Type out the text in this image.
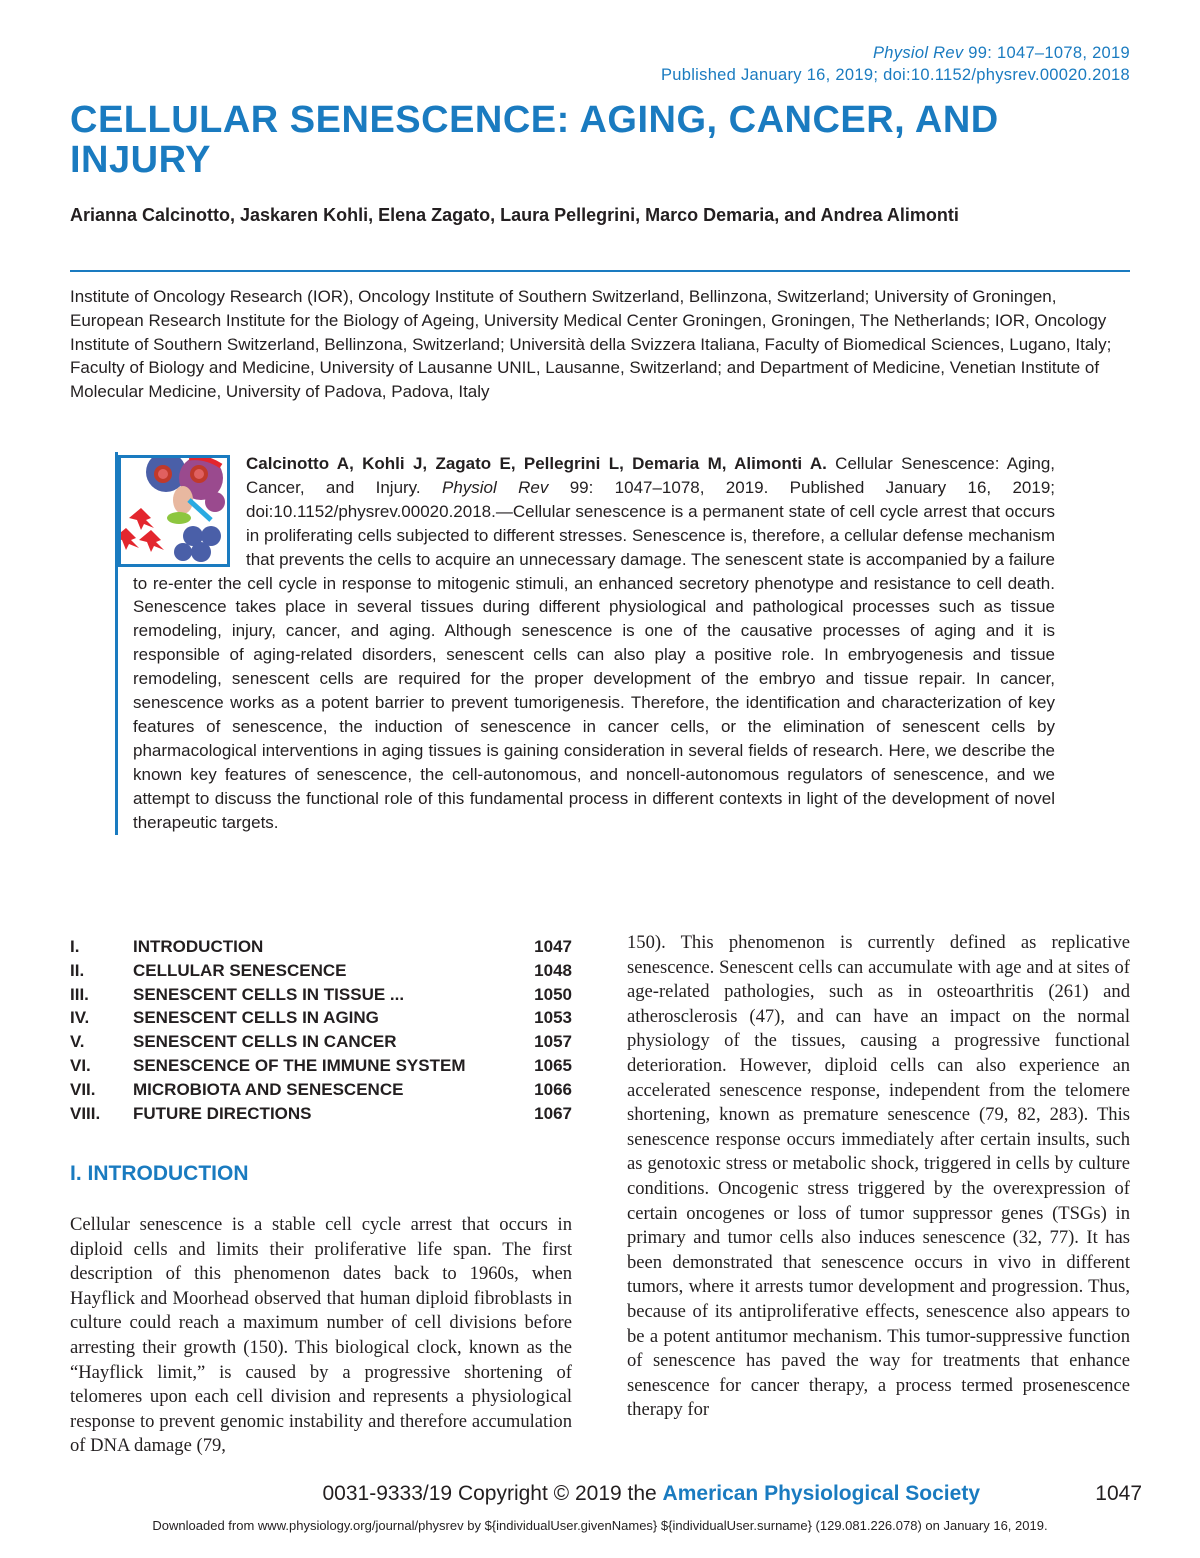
Physiol Rev 99: 1047–1078, 2019
Published January 16, 2019; doi:10.1152/physrev.00020.2018
CELLULAR SENESCENCE: AGING, CANCER, AND INJURY
Arianna Calcinotto, Jaskaren Kohli, Elena Zagato, Laura Pellegrini, Marco Demaria, and Andrea Alimonti
Institute of Oncology Research (IOR), Oncology Institute of Southern Switzerland, Bellinzona, Switzerland; University of Groningen, European Research Institute for the Biology of Ageing, University Medical Center Groningen, Groningen, The Netherlands; IOR, Oncology Institute of Southern Switzerland, Bellinzona, Switzerland; Università della Svizzera Italiana, Faculty of Biomedical Sciences, Lugano, Italy; Faculty of Biology and Medicine, University of Lausanne UNIL, Lausanne, Switzerland; and Department of Medicine, Venetian Institute of Molecular Medicine, University of Padova, Padova, Italy
Calcinotto A, Kohli J, Zagato E, Pellegrini L, Demaria M, Alimonti A. Cellular Senescence: Aging, Cancer, and Injury. Physiol Rev 99: 1047–1078, 2019. Published January 16, 2019; doi:10.1152/physrev.00020.2018.—Cellular senescence is a permanent state of cell cycle arrest that occurs in proliferating cells subjected to different stresses. Senescence is, therefore, a cellular defense mechanism that prevents the cells to acquire an unnecessary damage. The senescent state is accompanied by a failure to re-enter the cell cycle in response to mitogenic stimuli, an enhanced secretory phenotype and resistance to cell death. Senescence takes place in several tissues during different physiological and pathological processes such as tissue remodeling, injury, cancer, and aging. Although senescence is one of the causative processes of aging and it is responsible of aging-related disorders, senescent cells can also play a positive role. In embryogenesis and tissue remodeling, senescent cells are required for the proper development of the embryo and tissue repair. In cancer, senescence works as a potent barrier to prevent tumorigenesis. Therefore, the identification and characterization of key features of senescence, the induction of senescence in cancer cells, or the elimination of senescent cells by pharmacological interventions in aging tissues is gaining consideration in several fields of research. Here, we describe the known key features of senescence, the cell-autonomous, and noncell-autonomous regulators of senescence, and we attempt to discuss the functional role of this fundamental process in different contexts in light of the development of novel therapeutic targets.
I.	INTRODUCTION	1047
II.	CELLULAR SENESCENCE	1048
III.	SENESCENT CELLS IN TISSUE ...	1050
IV.	SENESCENT CELLS IN AGING	1053
V.	SENESCENT CELLS IN CANCER	1057
VI.	SENESCENCE OF THE IMMUNE SYSTEM	1065
VII.	MICROBIOTA AND SENESCENCE	1066
VIII.	FUTURE DIRECTIONS	1067
I. INTRODUCTION

Cellular senescence is a stable cell cycle arrest that occurs in diploid cells and limits their proliferative life span. The first description of this phenomenon dates back to 1960s, when Hayflick and Moorhead observed that human diploid fibroblasts in culture could reach a maximum number of cell divisions before arresting their growth (150). This biological clock, known as the “Hayflick limit,” is caused by a progressive shortening of telomeres upon each cell division and represents a physiological response to prevent genomic instability and therefore accumulation of DNA damage (79,

150). This phenomenon is currently defined as replicative senescence. Senescent cells can accumulate with age and at sites of age-related pathologies, such as in osteoarthritis (261) and atherosclerosis (47), and can have an impact on the normal physiology of the tissues, causing a progressive functional deterioration. However, diploid cells can also experience an accelerated senescence response, independent from the telomere shortening, known as premature senescence (79, 82, 283). This senescence response occurs immediately after certain insults, such as genotoxic stress or metabolic shock, triggered in cells by culture conditions. Oncogenic stress triggered by the overexpression of certain oncogenes or loss of tumor suppressor genes (TSGs) in primary and tumor cells also induces senescence (32, 77). It has been demonstrated that senescence occurs in vivo in different tumors, where it arrests tumor development and progression. Thus, because of its antiproliferative effects, senescence also appears to be a potent antitumor mechanism. This tumor-suppressive function of senescence has paved the way for treatments that enhance senescence for cancer therapy, a process termed prosenescence therapy for

0031-9333/19 Copyright © 2019 the American Physiological Society	1047
Downloaded from www.physiology.org/journal/physrev by ${individualUser.givenNames} ${individualUser.surname} (129.081.226.078) on January 16, 2019.
